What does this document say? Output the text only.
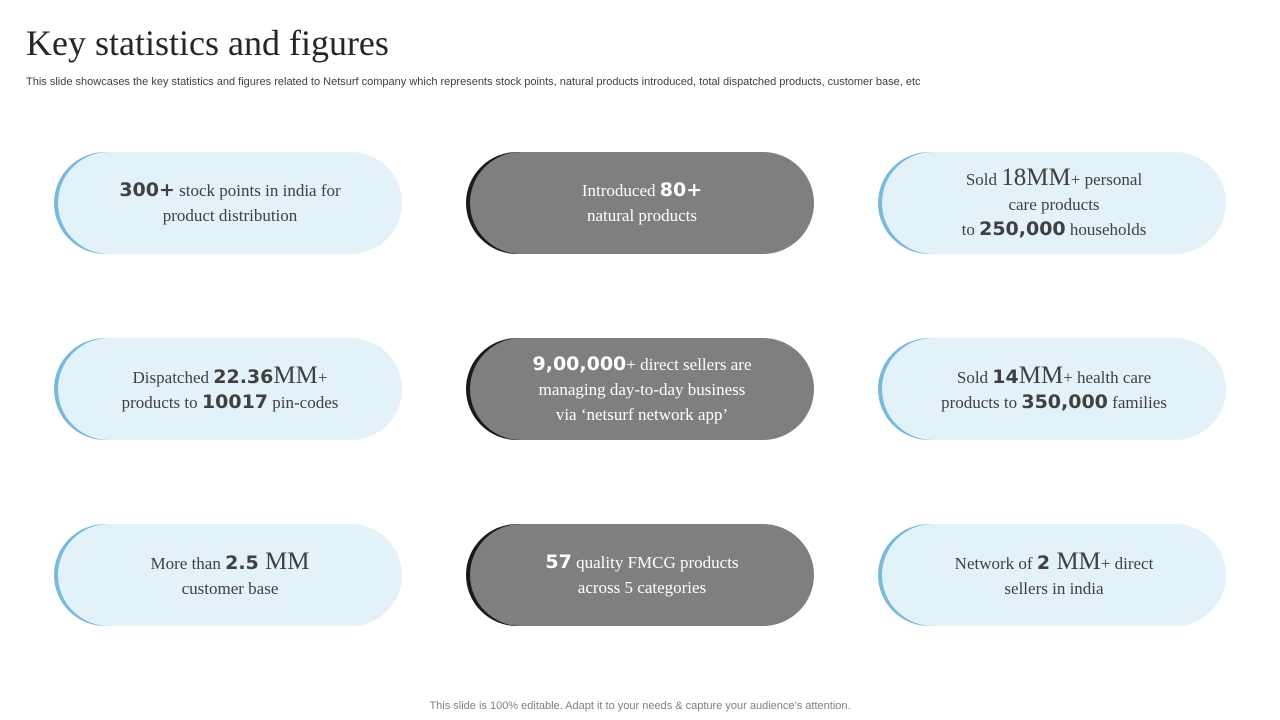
Key statistics and figures
This slide showcases the key statistics and figures related to Netsurf company which represents stock points, natural products introduced, total dispatched products, customer base, etc
300+ stock points in india for
product distribution
Introduced 80+
natural products
Sold 18MM+ personal
care products
to 250,000 households
Dispatched 22.36MM+
products to 10017 pin-codes
9,00,000+ direct sellers are
managing day-to-day business
via ‘netsurf network app’
Sold 14MM+ health care
products to 350,000 families
More than 2.5 MM
customer base
57 quality FMCG products
across 5 categories
Network of 2 MM+ direct
sellers in india
This slide is 100% editable. Adapt it to your needs & capture your audience’s attention.
